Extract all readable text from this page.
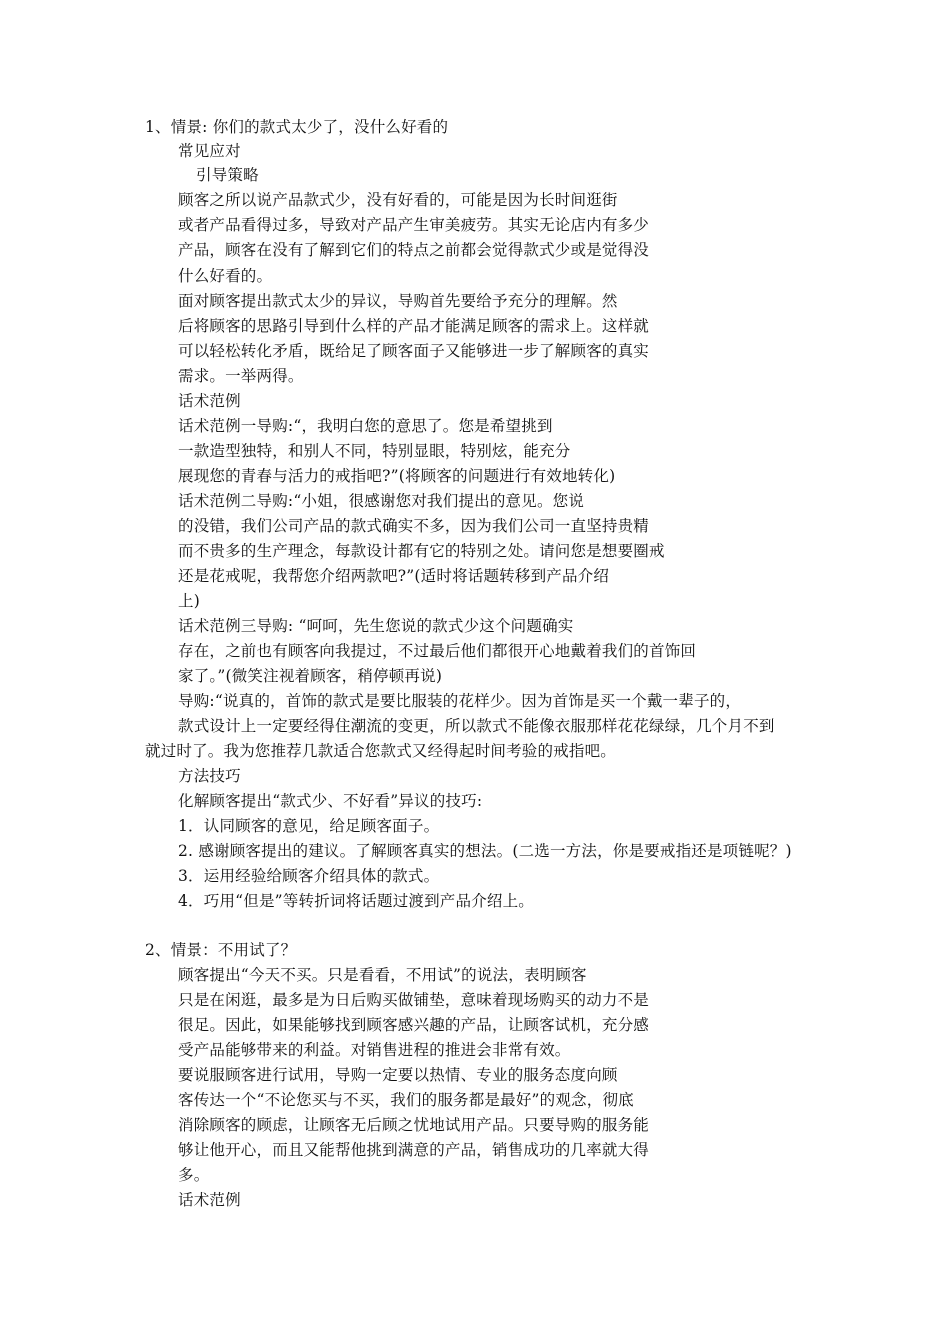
1、情景: 你们的款式太少了，没什么好看的
常见应对
引导策略
顾客之所以说产品款式少，没有好看的，可能是因为长时间逛街
或者产品看得过多，导致对产品产生审美疲劳。其实无论店内有多少
产品，顾客在没有了解到它们的特点之前都会觉得款式少或是觉得没
什么好看的。
面对顾客提出款式太少的异议，导购首先要给予充分的理解。然
后将顾客的思路引导到什么样的产品才能满足顾客的需求上。这样就
可以轻松转化矛盾，既给足了顾客面子又能够进一步了解顾客的真实
需求。一举两得。
话术范例
话术范例一导购:“，我明白您的意思了。您是希望挑到
一款造型独特，和别人不同，特别显眼，特别炫，能充分
展现您的青春与活力的戒指吧?”(将顾客的问题进行有效地转化)
话术范例二导购:“小姐，很感谢您对我们提出的意见。您说
的没错，我们公司产品的款式确实不多，因为我们公司一直坚持贵精
而不贵多的生产理念，每款设计都有它的特别之处。请问您是想要圈戒
还是花戒呢，我帮您介绍两款吧?”(适时将话题转移到产品介绍
上)
话术范例三导购: “呵呵，先生您说的款式少这个问题确实
存在，之前也有顾客向我提过，不过最后他们都很开心地戴着我们的首饰回
家了。”(微笑注视着顾客，稍停顿再说)
导购:“说真的，首饰的款式是要比服装的花样少。因为首饰是买一个戴一辈子的，
款式设计上一定要经得住潮流的变更，所以款式不能像衣服那样花花绿绿，几个月不到
就过时了。我为您推荐几款适合您款式又经得起时间考验的戒指吧。
方法技巧
化解顾客提出“款式少、不好看”异议的技巧:
1．认同顾客的意见，给足顾客面子。
2. 感谢顾客提出的建议。了解顾客真实的想法。(二选一方法，你是要戒指还是项链呢？)
3．运用经验给顾客介绍具体的款式。
4．巧用“但是”等转折词将话题过渡到产品介绍上。
2、情景：不用试了？
顾客提出“今天不买。只是看看，不用试”的说法，表明顾客
只是在闲逛，最多是为日后购买做铺垫，意味着现场购买的动力不是
很足。因此，如果能够找到顾客感兴趣的产品，让顾客试机，充分感
受产品能够带来的利益。对销售进程的推进会非常有效。
要说服顾客进行试用，导购一定要以热情、专业的服务态度向顾
客传达一个“不论您买与不买，我们的服务都是最好”的观念，彻底
消除顾客的顾虑，让顾客无后顾之忧地试用产品。只要导购的服务能
够让他开心，而且又能帮他挑到满意的产品，销售成功的几率就大得
多。
话术范例
